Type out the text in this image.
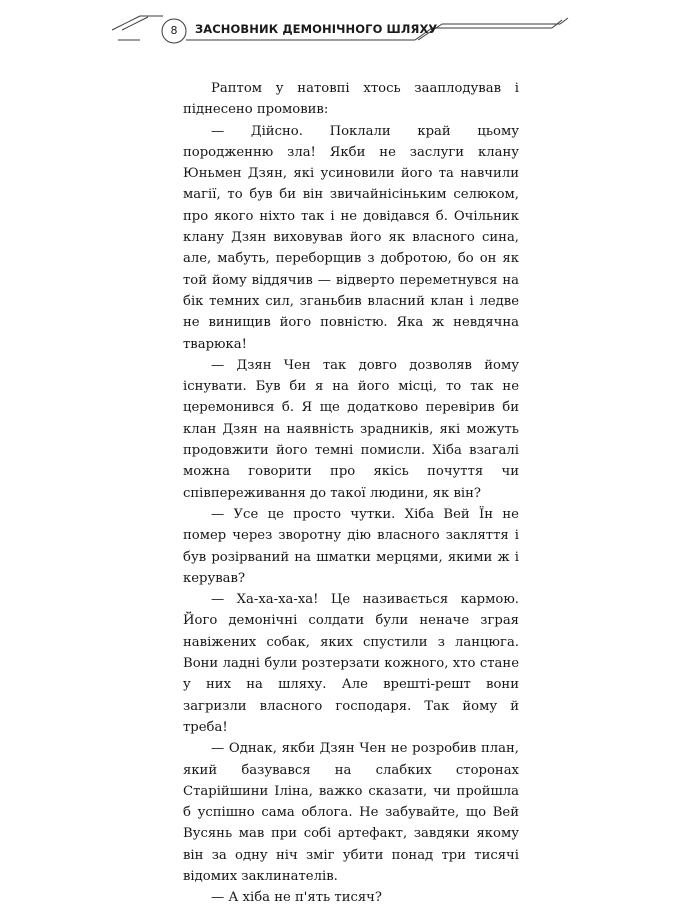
8	ЗАСНОВНИК ДЕМОНІЧНОГО ШЛЯХУ

Раптом у натовпі хтось зааплодував і піднесено промовив:

— Дійсно. Поклали край цьому породженню зла! Якби не заслуги клану Юньмен Дзян, які усиновили його та навчили магії, то був би він звичайнісіньким селюком, про якого ніхто так і не довідався б. Очільник клану Дзян виховував його як власного сина, але, мабуть, переборщив з добротою, бо он як той йому віддячив — відверто переметнувся на бік темних сил, зганьбив власний клан і ледве не винищив його повністю. Яка ж невдячна тварюка!

— Дзян Чен так довго дозволяв йому існувати. Був би я на його місці, то так не церемонився б. Я ще додатково перевірив би клан Дзян на наявність зрадників, які можуть продовжити його темні помисли. Хіба взагалі можна говорити про якісь почуття чи співпереживання до такої людини, як він?

— Усе це просто чутки. Хіба Вей Їн не помер через зворотну дію власного закляття і був розірваний на шматки мерцями, якими ж і керував?

— Ха-ха-ха-ха! Це називається кармою. Його демонічні солдати були неначе зграя навіжених собак, яких спустили з ланцюга. Вони ладні були розтерзати кожного, хто стане у них на шляху. Але врешті-решт вони загризли власного господаря. Так йому й треба!

— Однак, якби Дзян Чен не розробив план, який базувався на слабких сторонах Старійшини Іліна, важко сказати, чи пройшла б успішно сама облога. Не забувайте, що Вей Вусянь мав при собі артефакт, завдяки якому він за одну ніч зміг убити понад три тисячі відомих заклинателів.

— А хіба не п'ять тисяч?
